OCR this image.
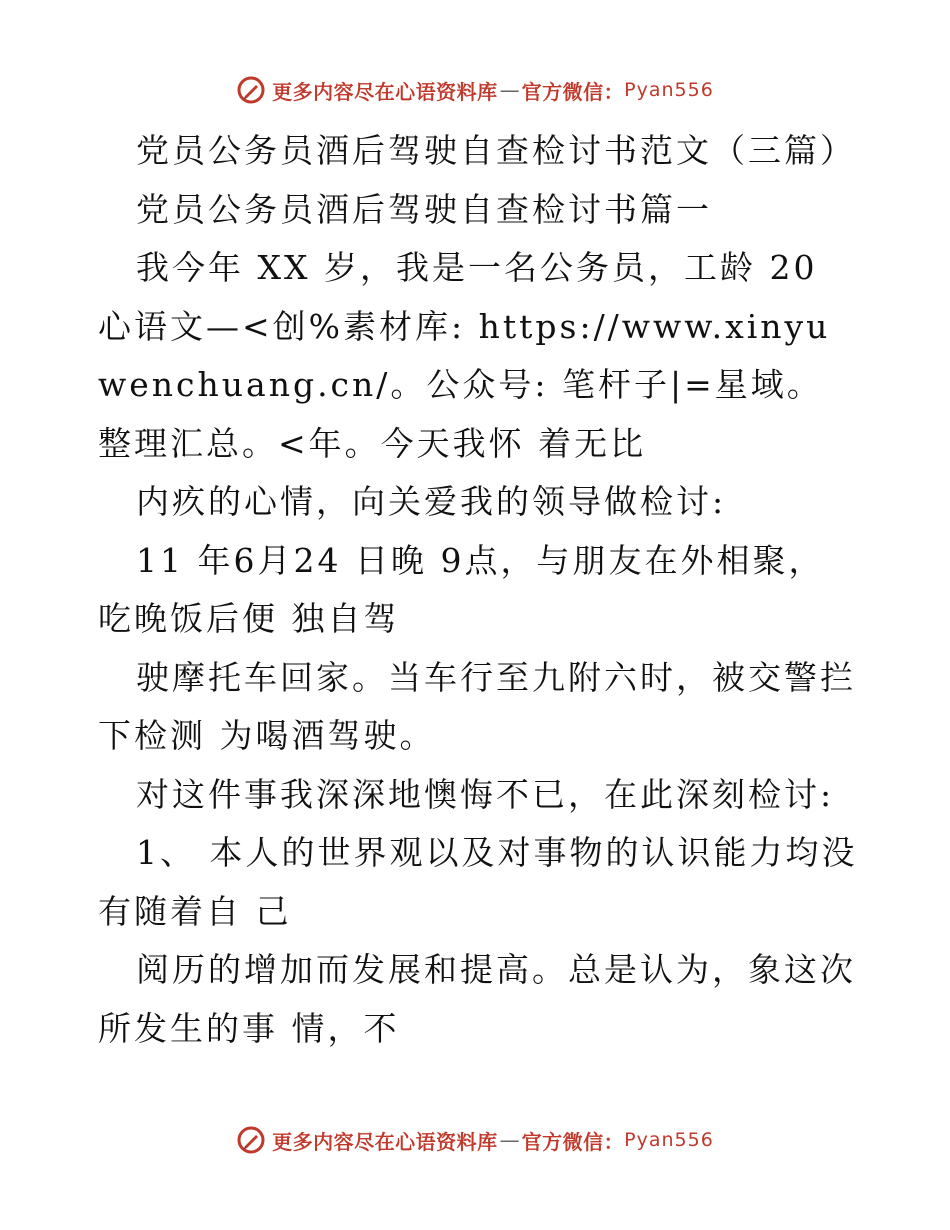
更多内容尽在心语资料库 — 官方微信： Pyan556

党员公务员酒后驾驶自查检讨书范文（三篇）

党员公务员酒后驾驶自查检讨书篇一

我今年 XX 岁，我是一名公务员，工龄 20 心语文—<创%素材库: https://www.xinyuwenchuang.cn/。公众号: 笔杆子|=星域。整理汇总。<年。今天我怀 着无比

内疚的心情，向关爱我的领导做检讨:

11 年6月24 日晚 9点，与朋友在外相聚，吃晚饭后便 独自驾

驶摩托车回家。当车行至九附六时，被交警拦下检测 为喝酒驾驶。

对这件事我深深地懊悔不已，在此深刻检讨:

1、 本人的世界观以及对事物的认识能力均没有随着自 己

阅历的增加而发展和提高。总是认为，象这次所发生的事 情，不

更多内容尽在心语资料库 — 官方微信： Pyan556
